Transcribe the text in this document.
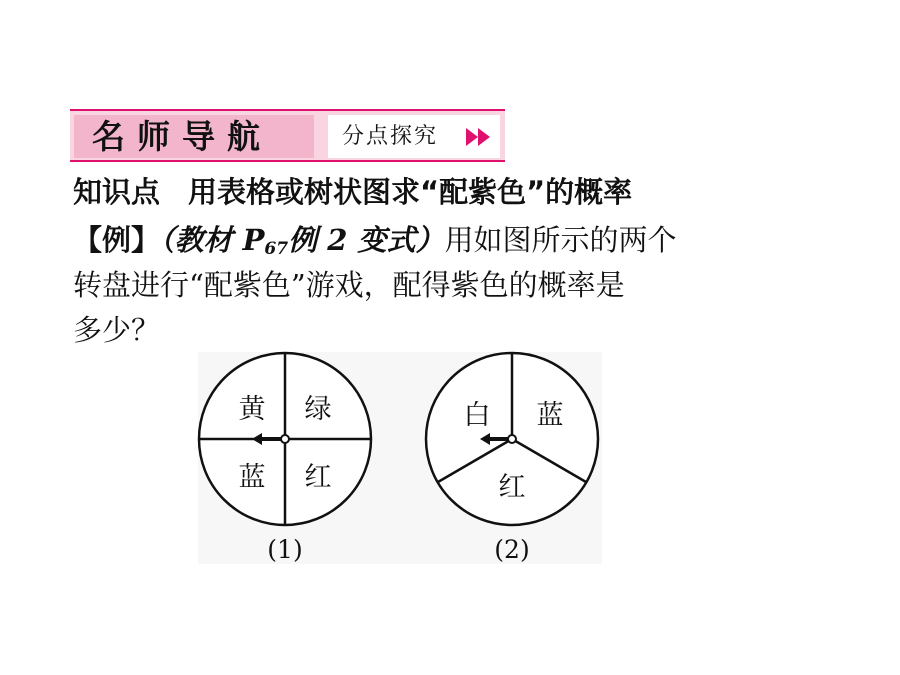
名师导航	分点探究
知识点 用表格或树状图求“配紫色”的概率
【例】（教材 $P_{67}$例 2 变式）用如图所示的两个
转盘进行“配紫色”游戏，配得紫色的概率是
多少？
黄 绿
蓝 红
(1)
白 蓝
红
(2)
